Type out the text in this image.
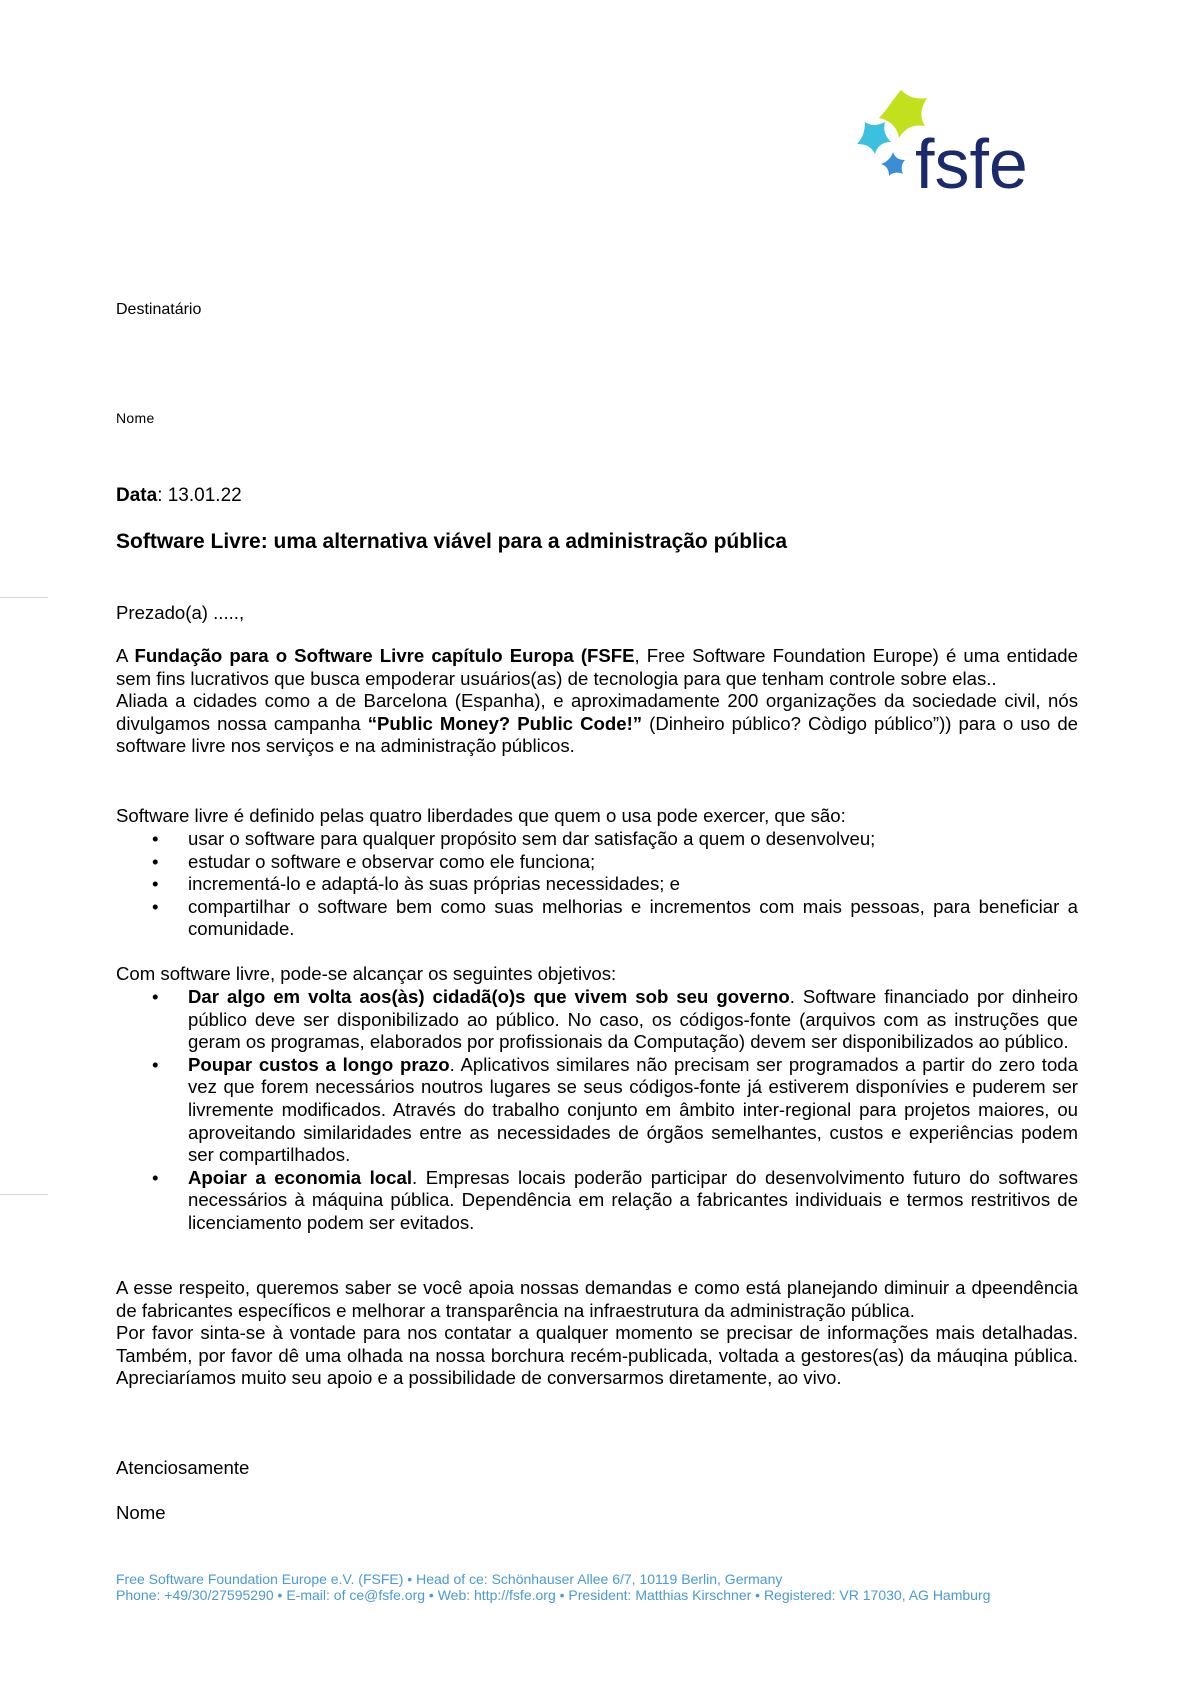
fsfe
Destinatário
Nome
Data: 13.01.22
Software Livre: uma alternativa viável para a administração pública
Prezado(a) .....,

A Fundação para o Software Livre capítulo Europa (FSFE, Free Software Foundation Europe) é uma entidade sem fins lucrativos que busca empoderar usuários(as) de tecnologia para que tenham controle sobre elas..

Aliada a cidades como a de Barcelona (Espanha), e aproximadamente 200 organizações da sociedade civil, nós divulgamos nossa campanha “Public Money? Public Code!” (Dinheiro público? Còdigo público”)) para o uso de software livre nos serviços e na administração públicos.

Software livre é definido pelas quatro liberdades que quem o usa pode exercer, que são:
• usar o software para qualquer propósito sem dar satisfação a quem o desenvolveu;
• estudar o software e observar como ele funciona;
• incrementá-lo e adaptá-lo às suas próprias necessidades; e
• compartilhar o software bem como suas melhorias e incrementos com mais pessoas, para beneficiar a comunidade.
Com software livre, pode-se alcançar os seguintes objetivos:
• Dar algo em volta aos(às) cidadã(o)s que vivem sob seu governo. Software financiado por dinheiro público deve ser disponibilizado ao público. No caso, os códigos-fonte (arquivos com as instruções que geram os programas, elaborados por profissionais da Computação) devem ser disponibilizados ao público.
• Poupar custos a longo prazo. Aplicativos similares não precisam ser programados a partir do zero toda vez que forem necessários noutros lugares se seus códigos-fonte já estiverem disponívies e puderem ser livremente modificados. Através do trabalho conjunto em âmbito inter-regional para projetos maiores, ou aproveitando similaridades entre as necessidades de órgãos semelhantes, custos e experiências podem ser compartilhados.
• Apoiar a economia local. Empresas locais poderão participar do desenvolvimento futuro do softwares necessários à máquina pública. Dependência em relação a fabricantes individuais e termos restritivos de licenciamento podem ser evitados.

A esse respeito, queremos saber se você apoia nossas demandas e como está planejando diminuir a dpeendência de fabricantes específicos e melhorar a transparência na infraestrutura da administração pública.

Por favor sinta-se à vontade para nos contatar a qualquer momento se precisar de informações mais detalhadas. Também, por favor dê uma olhada na nossa borchura recém-publicada, voltada a gestores(as) da máuqina pública. Apreciaríamos muito seu apoio e a possibilidade de conversarmos diretamente, ao vivo.

Atenciosamente
Nome
Free Software Foundation Europe e.V. (FSFE) • Head of ce: Schönhauser Allee 6/7, 10119 Berlin, Germany
Phone: +49/30/27595290 • E-mail: of ce@fsfe.org • Web: http://fsfe.org • President: Matthias Kirschner • Registered: VR 17030, AG Hamburg
